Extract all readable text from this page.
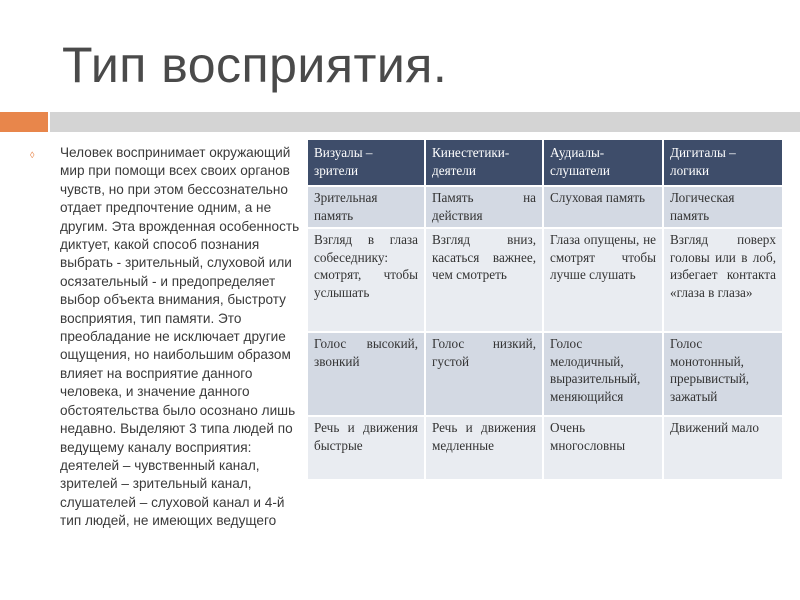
Тип восприятия.
◊ Человек воспринимает окружающий мир при помощи всех своих органов чувств, но при этом бессознательно отдает предпочтение одним, а не другим. Эта врожденная особенность диктует, какой способ познания выбрать - зрительный, слуховой или осязательный - и предопределяет выбор объекта внимания, быстроту восприятия, тип памяти. Это преобладание не исключает другие ощущения, но наибольшим образом влияет на восприятие данного человека, и значение данного обстоятельства было осознано лишь недавно. Выделяют 3 типа людей по ведущему каналу восприятия: деятелей – чувственный канал, зрителей – зрительный канал, слушателей – слуховой канал и 4-й тип людей, не имеющих ведущего
Визуалы – зрители	Кинестетики-деятели	Аудиалы-слушатели	Дигиталы – логики
Зрительная память	Память на действия	Слуховая память	Логическая память
Взгляд в глаза собеседнику: смотрят, чтобы услышать	Взгляд вниз, касаться важнее, чем смотреть	Глаза опущены, не смотрят чтобы лучше слушать	Взгляд поверх головы или в лоб, избегает контакта «глаза в глаза»
Голос высокий, звонкий	Голос низкий, густой	Голос мелодичный, выразительный, меняющийся	Голос монотонный, прерывистый, зажатый
Речь и движения быстрые	Речь и движения медленные	Очень многословны	Движений мало
